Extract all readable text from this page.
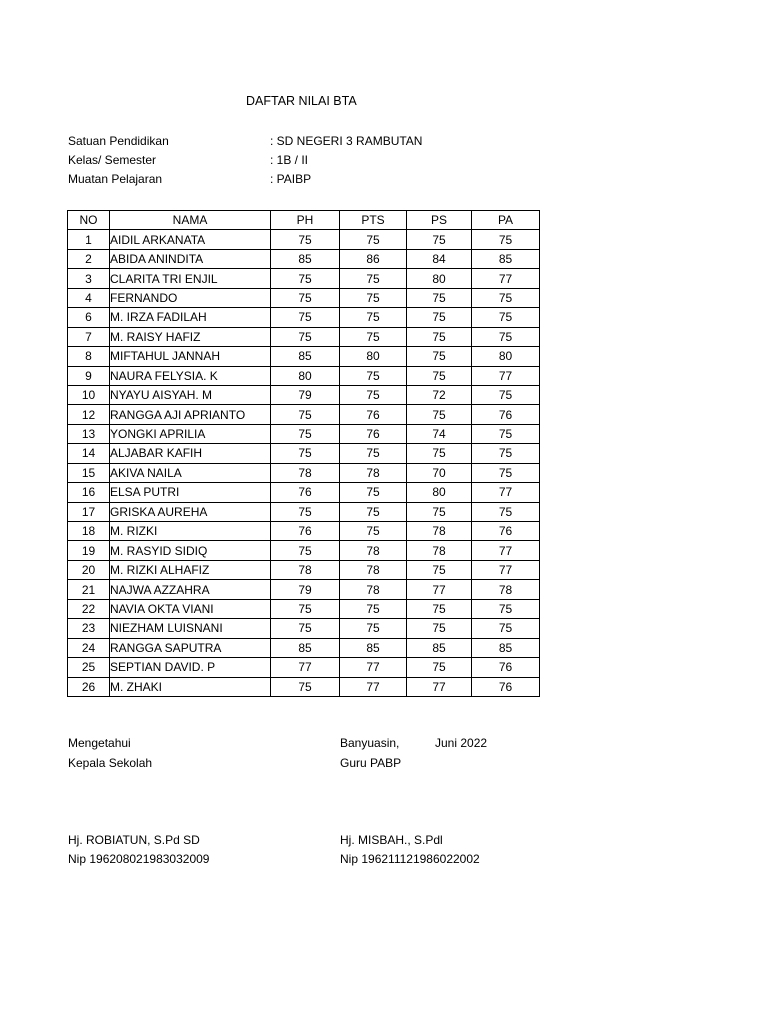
DAFTAR NILAI BTA
Satuan Pendidikan	: SD NEGERI 3 RAMBUTAN
Kelas/ Semester	: 1B / II
Muatan Pelajaran	: PAIBP
NO	NAMA	PH	PTS	PS	PA
1	AIDIL ARKANATA	75	75	75	75
2	ABIDA ANINDITA	85	86	84	85
3	CLARITA TRI ENJIL	75	75	80	77
4	FERNANDO	75	75	75	75
6	M. IRZA FADILAH	75	75	75	75
7	M. RAISY HAFIZ	75	75	75	75
8	MIFTAHUL JANNAH	85	80	75	80
9	NAURA FELYSIA. K	80	75	75	77
10	NYAYU AISYAH. M	79	75	72	75
12	RANGGA AJI APRIANTO	75	76	75	76
13	YONGKI APRILIA	75	76	74	75
14	ALJABAR KAFIH	75	75	75	75
15	AKIVA NAILA	78	78	70	75
16	ELSA PUTRI	76	75	80	77
17	GRISKA AUREHA	75	75	75	75
18	M. RIZKI	76	75	78	76
19	M. RASYID SIDIQ	75	78	78	77
20	M. RIZKI ALHAFIZ	78	78	75	77
21	NAJWA AZZAHRA	79	78	77	78
22	NAVIA OKTA VIANI	75	75	75	75
23	NIEZHAM LUISNANI	75	75	75	75
24	RANGGA SAPUTRA	85	85	85	85
25	SEPTIAN DAVID. P	77	77	75	76
26	M. ZHAKI	75	77	77	76
Mengetahui
Kepala Sekolah
Hj. ROBIATUN, S.Pd SD
Nip 196208021983032009
Banyuasin,	Juni 2022
Guru PABP
Hj. MISBAH., S.Pdl
Nip 196211121986022002
